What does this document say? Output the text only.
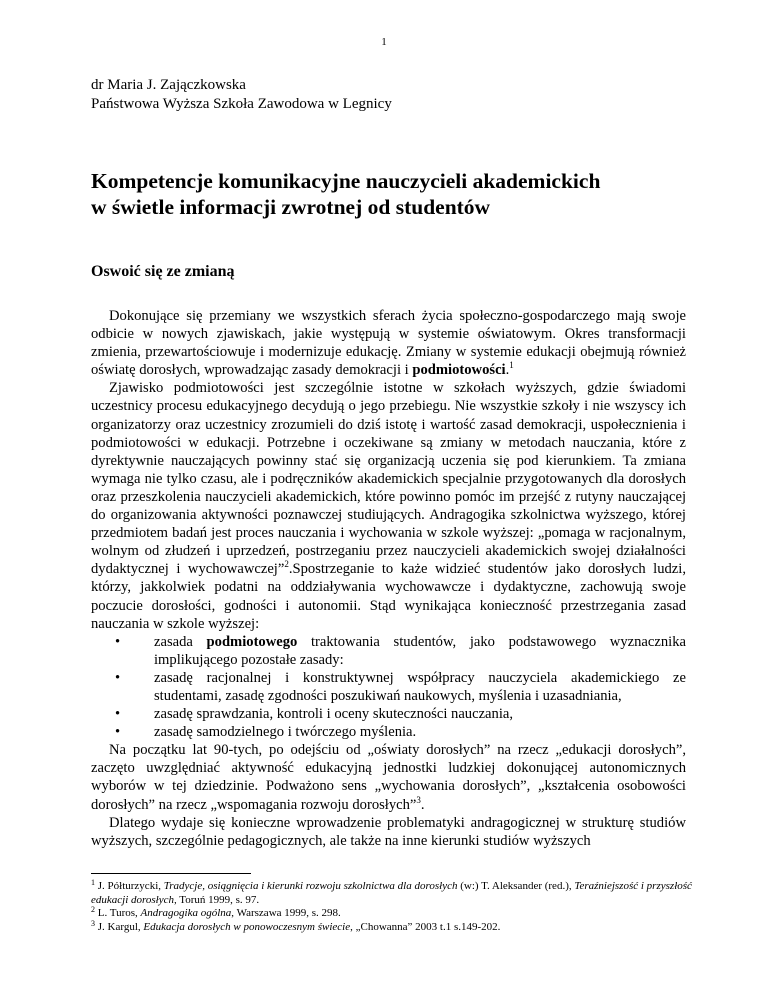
1
dr Maria J. Zajączkowska
Państwowa Wyższa Szkoła Zawodowa w Legnicy
Kompetencje komunikacyjne nauczycieli akademickich
w świetle informacji zwrotnej od studentów
Oswoić się ze zmianą

Dokonujące się przemiany we wszystkich sferach życia społeczno-gospodarczego mają swoje odbicie w nowych zjawiskach, jakie występują w systemie oświatowym. Okres transformacji zmienia, przewartościowuje i modernizuje edukację. Zmiany w systemie edukacji obejmują również oświatę dorosłych, wprowadzając zasady demokracji i podmiotowości.$^1$

Zjawisko podmiotowości jest szczególnie istotne w szkołach wyższych, gdzie świadomi uczestnicy procesu edukacyjnego decydują o jego przebiegu. Nie wszystkie szkoły i nie wszyscy ich organizatorzy oraz uczestnicy zrozumieli do dziś istotę i wartość zasad demokracji, uspołecznienia i podmiotowości w edukacji. Potrzebne i oczekiwane są zmiany w metodach nauczania, które z dyrektywnie nauczających powinny stać się organizacją uczenia się pod kierunkiem. Ta zmiana wymaga nie tylko czasu, ale i podręczników akademickich specjalnie przygotowanych dla dorosłych oraz przeszkolenia nauczycieli akademickich, które powinno pomóc im przejść z rutyny nauczającej do organizowania aktywności poznawczej studiujących. Andragogika szkolnictwa wyższego, której przedmiotem badań jest proces nauczania i wychowania w szkole wyższej: „pomaga w racjonalnym, wolnym od złudzeń i uprzedzeń, postrzeganiu przez nauczycieli akademickich swojej działalności dydaktycznej i wychowawczej”$^2$.Spostrzeganie to każe widzieć studentów jako dorosłych ludzi, którzy, jakkolwiek podatni na oddziaływania wychowawcze i dydaktyczne, zachowują swoje poczucie dorosłości, godności i autonomii. Stąd wynikająca konieczność przestrzegania zasad nauczania w szkole wyższej:

• zasada podmiotowego traktowania studentów, jako podstawowego wyznacznika implikującego pozostałe zasady:
• zasadę racjonalnej i konstruktywnej współpracy nauczyciela akademickiego ze studentami, zasadę zgodności poszukiwań naukowych, myślenia i uzasadniania,
• zasadę sprawdzania, kontroli i oceny skuteczności nauczania,
• zasadę samodzielnego i twórczego myślenia.

Na początku lat 90-tych, po odejściu od „oświaty dorosłych” na rzecz „edukacji dorosłych”, zaczęto uwzględniać aktywność edukacyjną jednostki ludzkiej dokonującej autonomicznych wyborów w tej dziedzinie. Podważono sens „wychowania dorosłych”, „kształcenia osobowości dorosłych” na rzecz „wspomagania rozwoju dorosłych”$^3$.

Dlatego wydaje się konieczne wprowadzenie problematyki andragogicznej w strukturę studiów wyższych, szczególnie pedagogicznych, ale także na inne kierunki studiów wyższych

$^1$ J. Półturzycki, Tradycje, osiągnięcia i kierunki rozwoju szkolnictwa dla dorosłych (w:) T. Aleksander (red.), Teraźniejszość i przyszłość edukacji dorosłych, Toruń 1999, s. 97.
$^2$ L. Turos, Andragogika ogólna, Warszawa 1999, s. 298.
$^3$ J. Kargul, Edukacja dorosłych w ponowoczesnym świecie, „Chowanna” 2003 t.1 s.149-202.
